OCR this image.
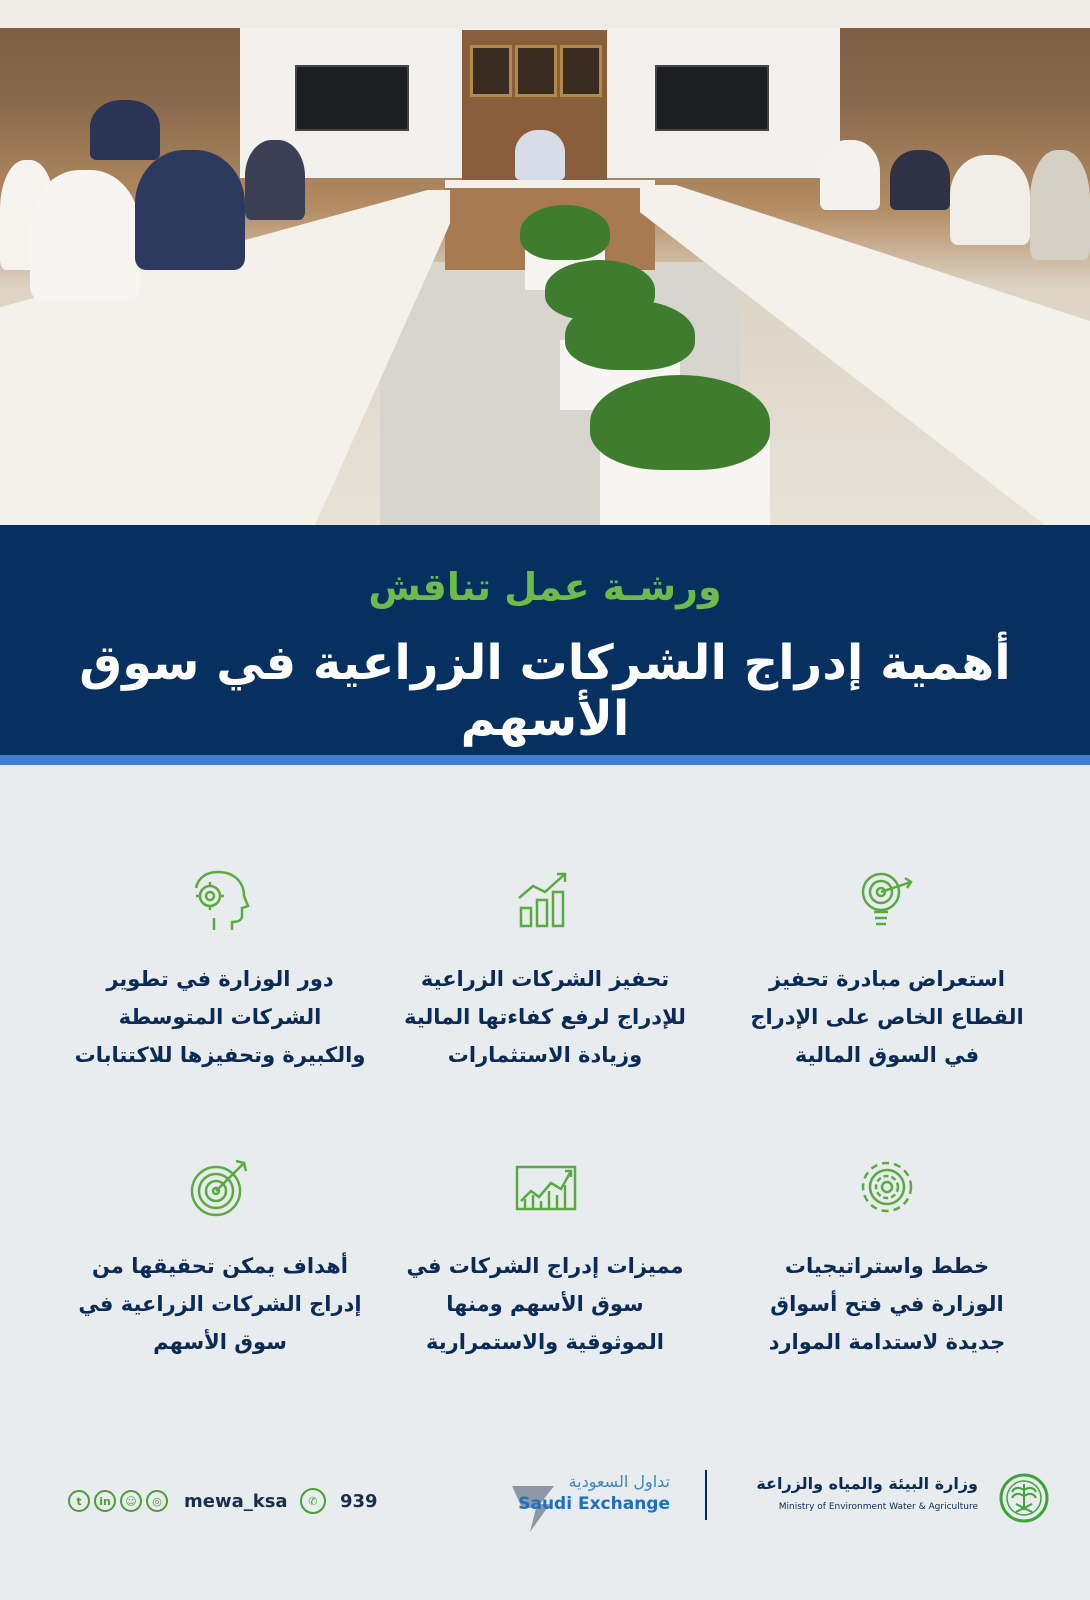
ورشـة عمل تناقش
أهمية إدراج الشركات الزراعية في سوق الأسهم
استعراض مبادرة تحفيز
القطاع الخاص على الإدراج
في السوق المالية
تحفيز الشركات الزراعية
للإدراج لرفع كفاءتها المالية
وزيادة الاستثمارات
دور الوزارة في تطوير
الشركات المتوسطة
والكبيرة وتحفيزها للاكتتابات
خطط واستراتيجيات
الوزارة في فتح أسواق
جديدة لاستدامة الموارد
مميزات إدراج الشركات في
سوق الأسهم ومنها
الموثوقية والاستمرارية
أهداف يمكن تحقيقها من
إدراج الشركات الزراعية في
سوق الأسهم
t	in	☺	◎	mewa_ksa	✆	939
تداول السعودية
Saudi Exchange
وزارة البيئة والمياه والزراعة
Ministry of Environment Water & Agriculture
